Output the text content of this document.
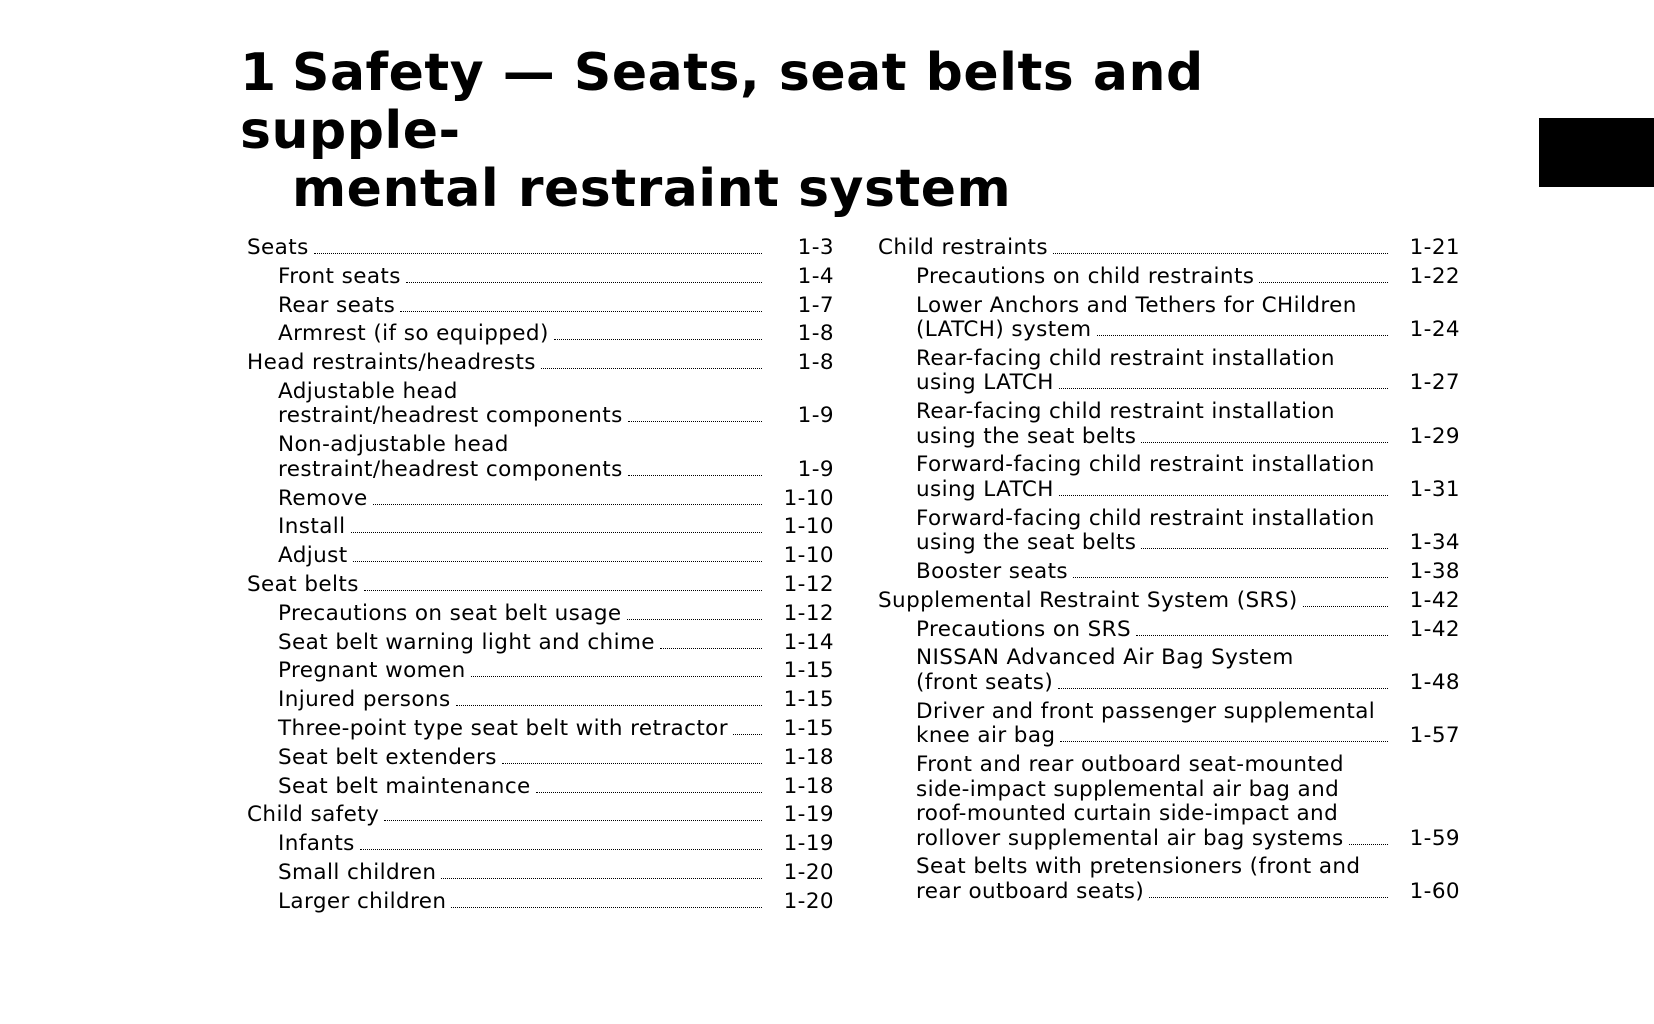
1 Safety — Seats, seat belts and supple-
mental restraint system
Seats	1-3
Front seats	1-4
Rear seats	1-7
Armrest (if so equipped)	1-8
Head restraints/headrests	1-8
Adjustable head
restraint/headrest components	1-9
Non-adjustable head
restraint/headrest components	1-9
Remove	1-10
Install	1-10
Adjust	1-10
Seat belts	1-12
Precautions on seat belt usage	1-12
Seat belt warning light and chime	1-14
Pregnant women	1-15
Injured persons	1-15
Three-point type seat belt with retractor	1-15
Seat belt extenders	1-18
Seat belt maintenance	1-18
Child safety	1-19
Infants	1-19
Small children	1-20
Larger children	1-20
Child restraints	1-21
Precautions on child restraints	1-22
Lower Anchors and Tethers for CHildren
(LATCH) system	1-24
Rear-facing child restraint installation
using LATCH	1-27
Rear-facing child restraint installation
using the seat belts	1-29
Forward-facing child restraint installation
using LATCH	1-31
Forward-facing child restraint installation
using the seat belts	1-34
Booster seats	1-38
Supplemental Restraint System (SRS)	1-42
Precautions on SRS	1-42
NISSAN Advanced Air Bag System
(front seats)	1-48
Driver and front passenger supplemental
knee air bag	1-57
Front and rear outboard seat-mounted
side-impact supplemental air bag and
roof-mounted curtain side-impact and
rollover supplemental air bag systems	1-59
Seat belts with pretensioners (front and
rear outboard seats)	1-60
